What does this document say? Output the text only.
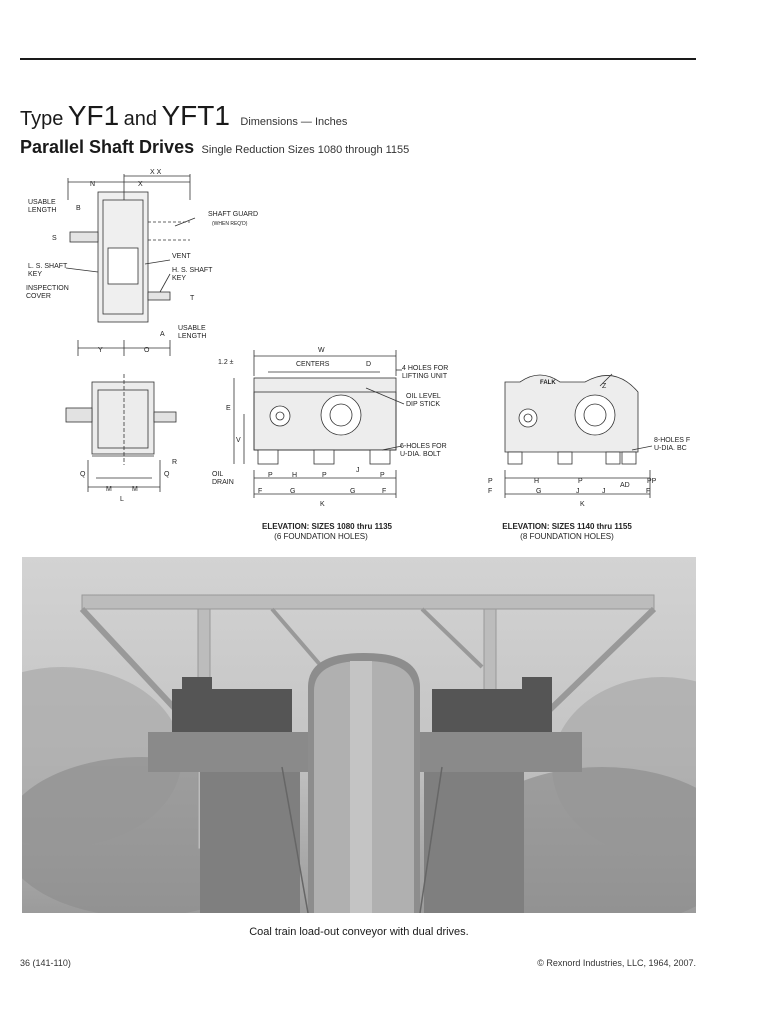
Type YF1 and YFT1 Dimensions — Inches
Parallel Shaft Drives Single Reduction Sizes 1080 through 1155
X X
N	X
USABLE LENGTH	B
SHAFT GUARD
(WHEN REQ'D)
S
L. S. SHAFT KEY
VENT
H. S. SHAFT KEY
INSPECTION COVER	T
A
USABLE LENGTH
Y	O
R
Q	Q
M	M
L
W
CENTERS	D
1.2 ±
4 HOLES FOR LIFTING UNIT
OIL LEVEL DIP STICK
E
V
6-HOLES FOR U-DIA. BOLT
OIL DRAIN
P	H	P
J
P
F	G	G	F
K
ELEVATION: SIZES 1080 thru 1135
(6 FOUNDATION HOLES)
Z
FALK
8-HOLES F U-DIA. BC
P	H	P	PP
F	G	J	J
AD
F
K
ELEVATION: SIZES 1140 thru 1155
(8 FOUNDATION HOLES)
Coal train load-out conveyor with dual drives.
36 (141-110)	© Rexnord Industries, LLC, 1964, 2007.
